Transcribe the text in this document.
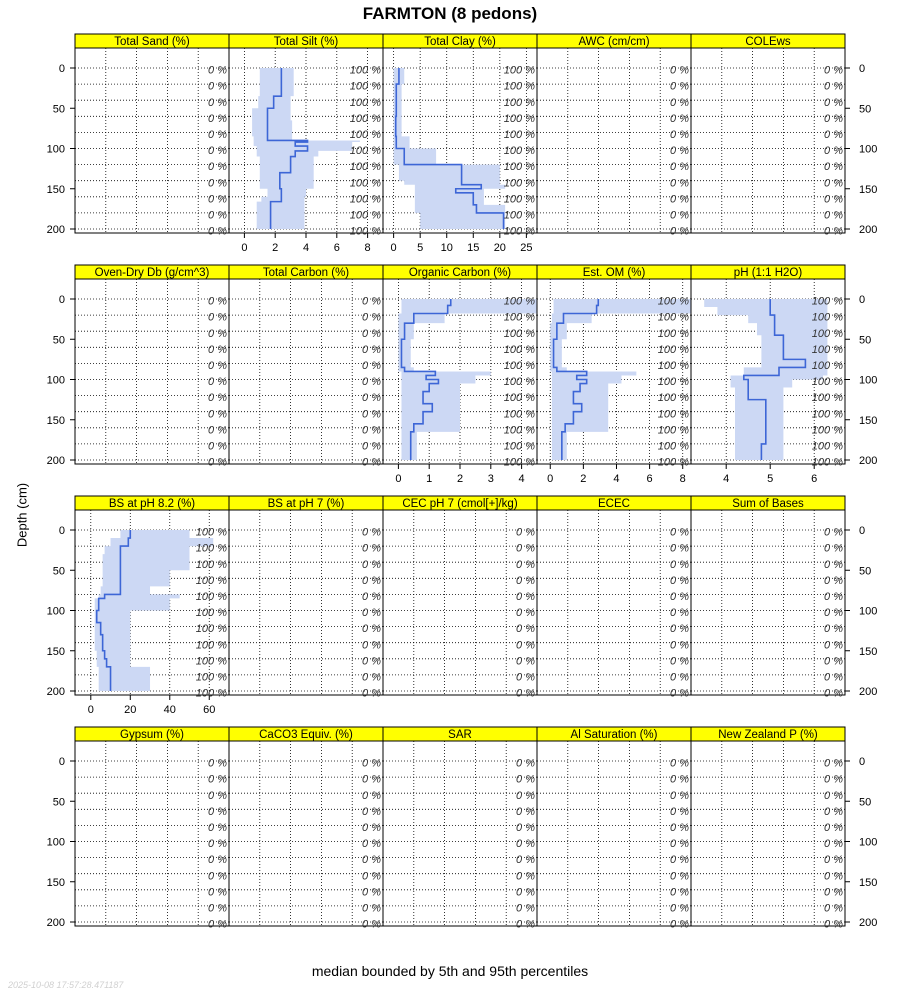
FARMTON (8 pedons)
Depth (cm)
Total Sand (%)
0 %
0 %
0 %
0 %
0 %
0 %
0 %
0 %
0 %
0 %
0 %
Total Silt (%)
0 2 4 6 8
100 %
100 %
100 %
100 %
100 %
100 %
100 %
100 %
100 %
100 %
100 %
Total Clay (%)
0 5 10 15 20 25
100 %
100 %
100 %
100 %
100 %
100 %
100 %
100 %
100 %
100 %
100 %
AWC (cm/cm)
0 %
0 %
0 %
0 %
0 %
0 %
0 %
0 %
0 %
0 %
0 %
COLEws
0 %
0 %
0 %
0 %
0 %
0 %
0 %
0 %
0 %
0 %
0 %
0	0
50	50
100	100
150	150
200	200
Oven-Dry Db (g/cm^3)
0 %
0 %
0 %
0 %
0 %
0 %
0 %
0 %
0 %
0 %
0 %
Total Carbon (%)
0 %
0 %
0 %
0 %
0 %
0 %
0 %
0 %
0 %
0 %
0 %
Organic Carbon (%)
0 1 2 3 4
100 %
100 %
100 %
100 %
100 %
100 %
100 %
100 %
100 %
100 %
100 %
Est. OM (%)
0 2 4 6 8
100 %
100 %
100 %
100 %
100 %
100 %
100 %
100 %
100 %
100 %
100 %
pH (1:1 H2O)
4	5	6
100 %
100 %
100 %
100 %
100 %
100 %
100 %
100 %
100 %
100 %
100 %
0	0
50	50
100	100
150	150
200	200
BS at pH 8.2 (%)
0	20 40 60
100 %
100 %
100 %
100 %
100 %
100 %
100 %
100 %
100 %
100 %
100 %
BS at pH 7 (%)
0 %
0 %
0 %
0 %
0 %
0 %
0 %
0 %
0 %
0 %
0 %
CEC pH 7 (cmol[+]/kg)
0 %
0 %
0 %
0 %
0 %
0 %
0 %
0 %
0 %
0 %
0 %
ECEC
0 %
0 %
0 %
0 %
0 %
0 %
0 %
0 %
0 %
0 %
0 %
Sum of Bases
0 %
0 %
0 %
0 %
0 %
0 %
0 %
0 %
0 %
0 %
0 %
0	0
50	50
100	100
150	150
200	200
Gypsum (%)
0 %
0 %
0 %
0 %
0 %
0 %
0 %
0 %
0 %
0 %
0 %
CaCO3 Equiv. (%)
0 %
0 %
0 %
0 %
0 %
0 %
0 %
0 %
0 %
0 %
0 %
SAR
0 %
0 %
0 %
0 %
0 %
0 %
0 %
0 %
0 %
0 %
0 %
Al Saturation (%)
0 %
0 %
0 %
0 %
0 %
0 %
0 %
0 %
0 %
0 %
0 %
New Zealand P (%)
0 %
0 %
0 %
0 %
0 %
0 %
0 %
0 %
0 %
0 %
0 %
0	0
50	50
100	100
150	150
200	200
median bounded by 5th and 95th percentiles
2025-10-08 17:57:28.471187
